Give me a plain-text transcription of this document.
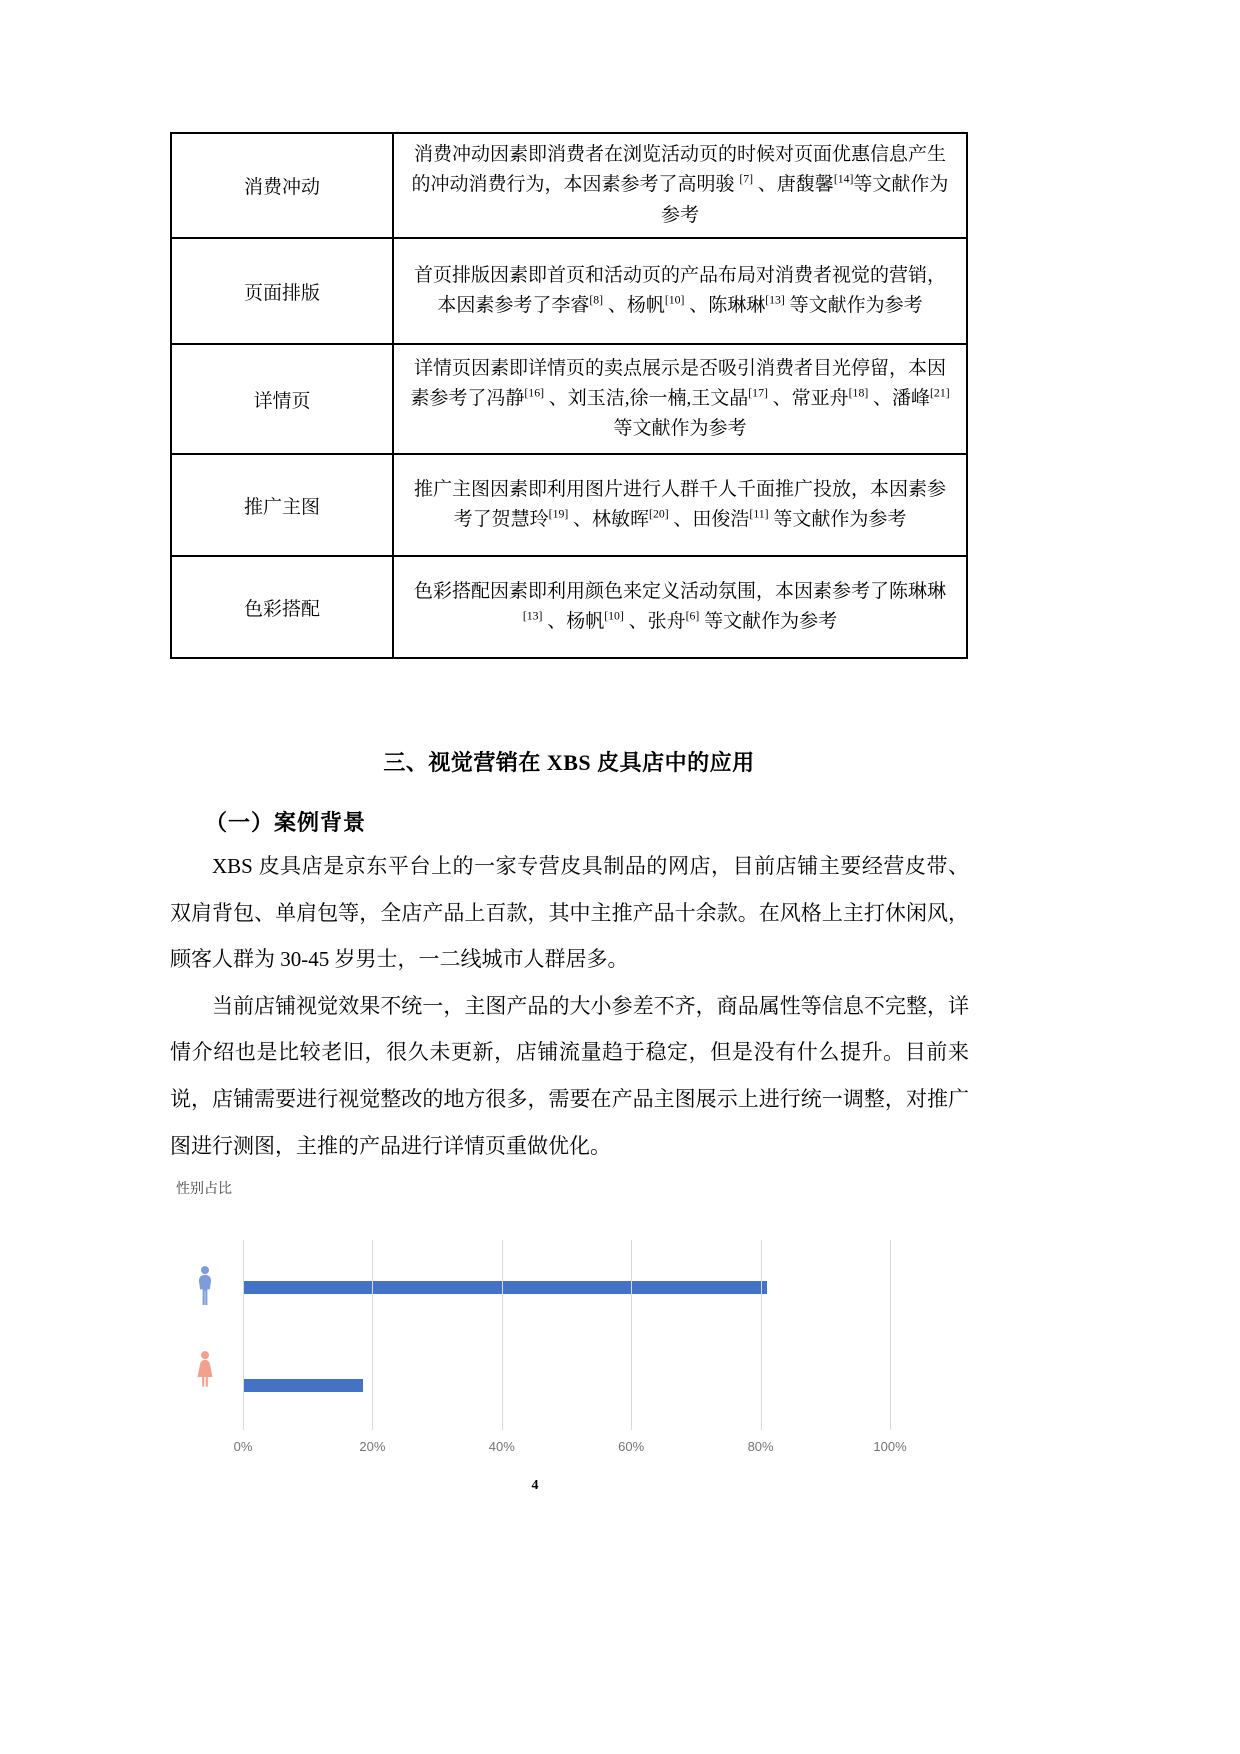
消费冲动	消费冲动因素即消费者在浏览活动页的时候对页面优惠信息产生的冲动消费行为，本因素参考了高明骏 [7] 、唐馥馨[14]等文献作为参考
页面排版	首页排版因素即首页和活动页的产品布局对消费者视觉的营销，本因素参考了李睿[8] 、杨帆[10] 、陈琳琳[13] 等文献作为参考
详情页	详情页因素即详情页的卖点展示是否吸引消费者目光停留，本因素参考了冯静[16] 、刘玉洁,徐一楠,王文晶[17] 、常亚舟[18] 、潘峰[21]等文献作为参考
推广主图	推广主图因素即利用图片进行人群千人千面推广投放，本因素参考了贺慧玲[19] 、林敏晖[20] 、田俊浩[11] 等文献作为参考
色彩搭配	色彩搭配因素即利用颜色来定义活动氛围，本因素参考了陈琳琳[13] 、杨帆[10] 、张舟[6] 等文献作为参考
三、视觉营销在 XBS 皮具店中的应用
（一）案例背景

XBS 皮具店是京东平台上的一家专营皮具制品的网店，目前店铺主要经营皮带、双肩背包、单肩包等，全店产品上百款，其中主推产品十余款。在风格上主打休闲风，顾客人群为 30-45 岁男士，一二线城市人群居多。

当前店铺视觉效果不统一，主图产品的大小参差不齐，商品属性等信息不完整，详情介绍也是比较老旧，很久未更新，店铺流量趋于稳定，但是没有什么提升。目前来说，店铺需要进行视觉整改的地方很多，需要在产品主图展示上进行统一调整，对推广图进行测图，主推的产品进行详情页重做优化。

性别占比
0%	20%	40%	60%	80%	100%
4
